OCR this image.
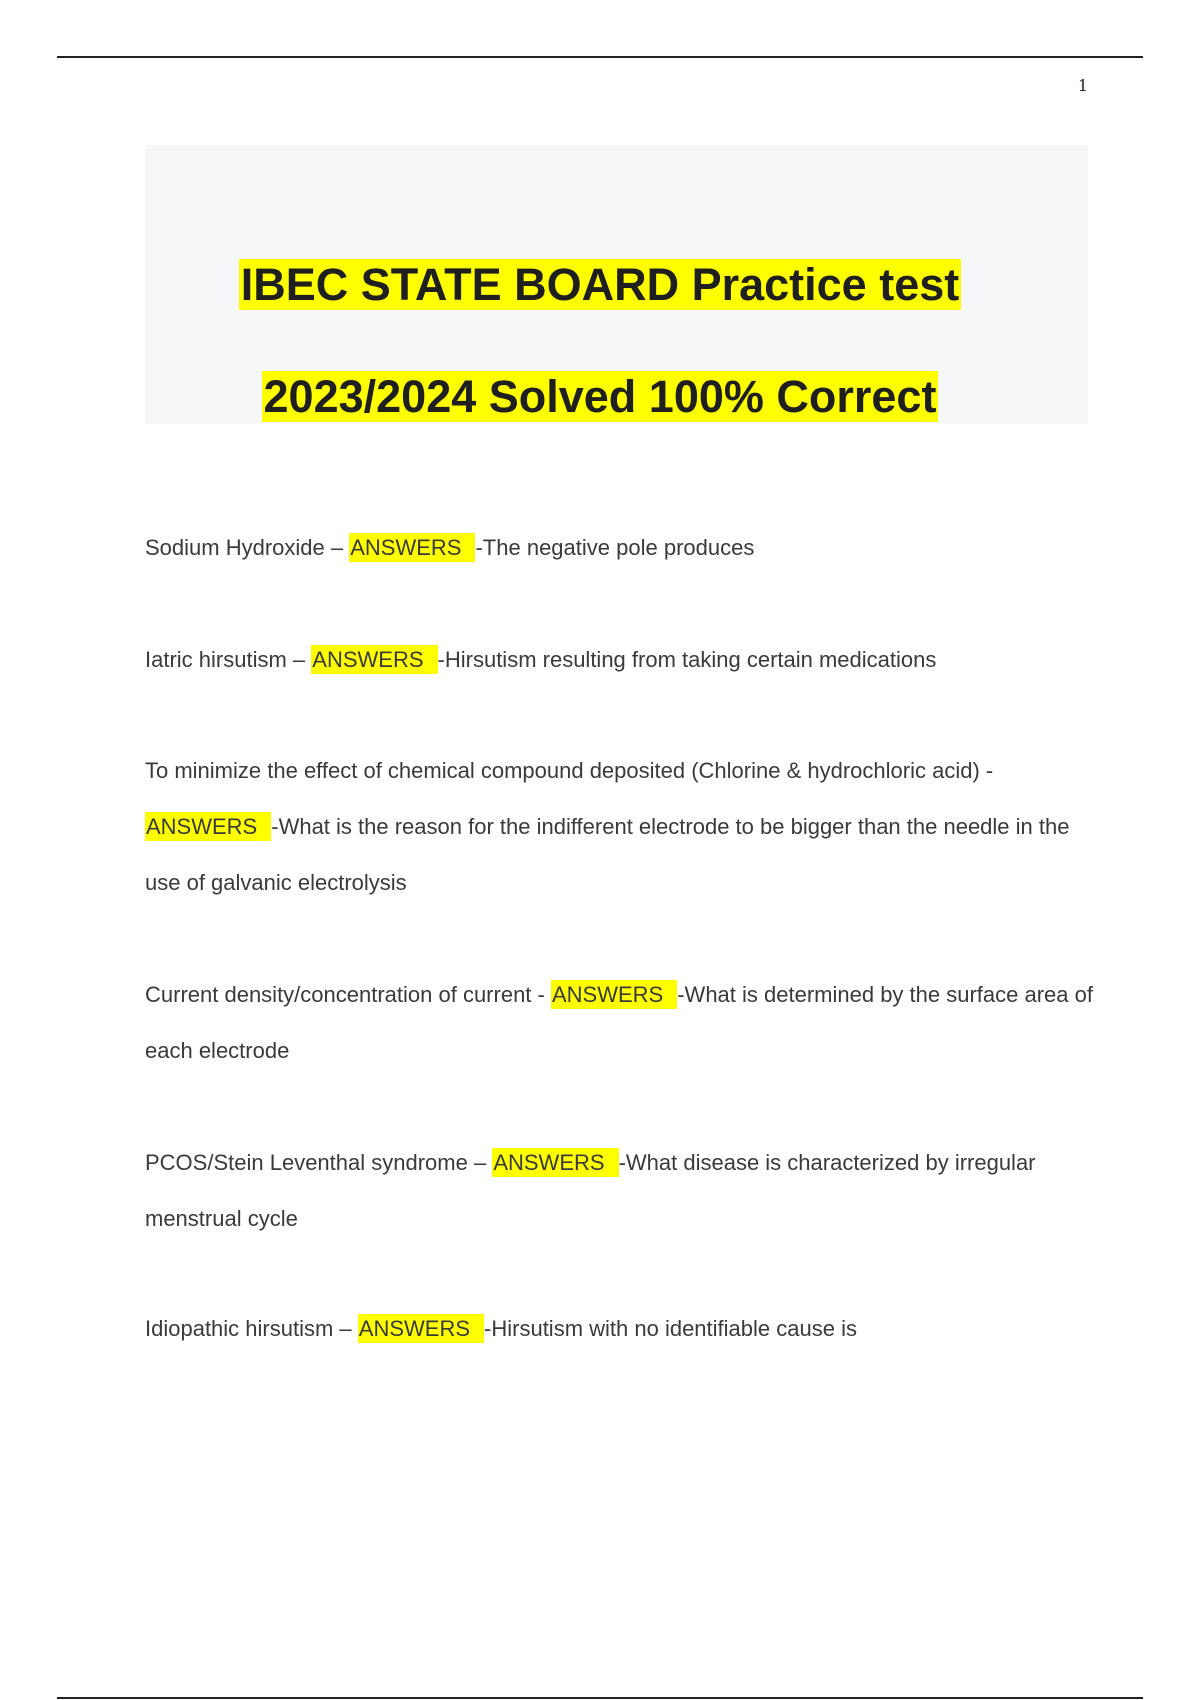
1
IBEC STATE BOARD Practice test
2023/2024 Solved 100% Correct
Sodium Hydroxide – ANSWERS -The negative pole produces
Iatric hirsutism – ANSWERS -Hirsutism resulting from taking certain medications
To minimize the effect of chemical compound deposited (Chlorine & hydrochloric acid) -
ANSWERS -What is the reason for the indifferent electrode to be bigger than the needle in the use of galvanic electrolysis
Current density/concentration of current - ANSWERS -What is determined by the surface area of each electrode
PCOS/Stein Leventhal syndrome – ANSWERS -What disease is characterized by irregular menstrual cycle
Idiopathic hirsutism – ANSWERS -Hirsutism with no identifiable cause is
